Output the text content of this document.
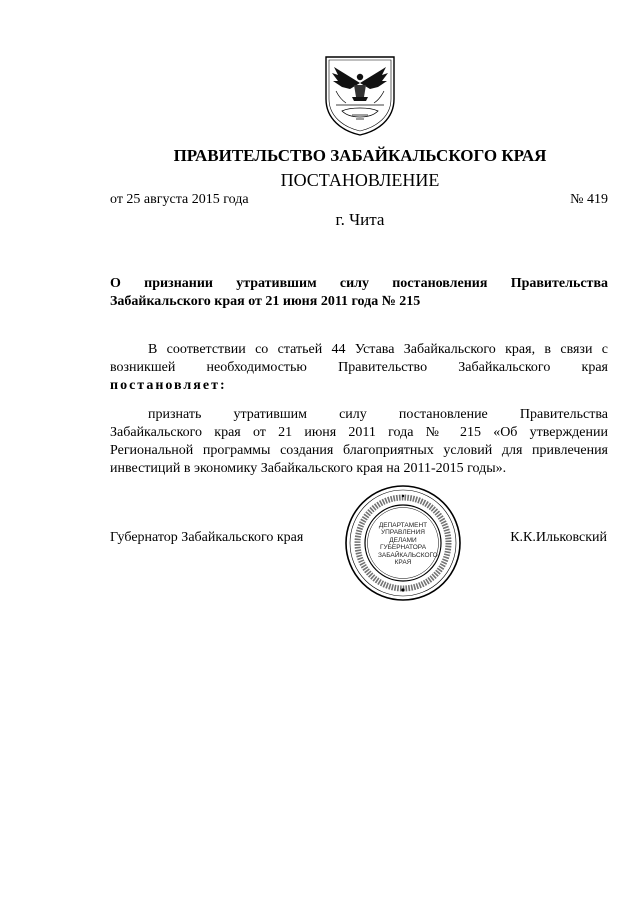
ПРАВИТЕЛЬСТВО ЗАБАЙКАЛЬСКОГО КРАЯ
ПОСТАНОВЛЕНИЕ
от 25 августа 2015 года	№ 419
г. Чита
О признании утратившим силу постановления Правительства
Забайкальского края от 21 июня 2011 года № 215
В соответствии со статьей 44 Устава Забайкальского края, в связи с
возникшей необходимостью Правительство Забайкальского края
постановляет:
признать утратившим силу постановление Правительства
Забайкальского края от 21 июня 2011 года № 215 «Об утверждении
Региональной программы создания благоприятных условий для привлечения
инвестиций в экономику Забайкальского края на 2011-2015 годы».
Губернатор Забайкальского края	К.К.Ильковский
ДЕПАРТАМЕНТ
УПРАВЛЕНИЯ
ДЕЛАМИ
ГУБЕРНАТОРА
ЗАБАЙКАЛЬСКОГО
КРАЯ
